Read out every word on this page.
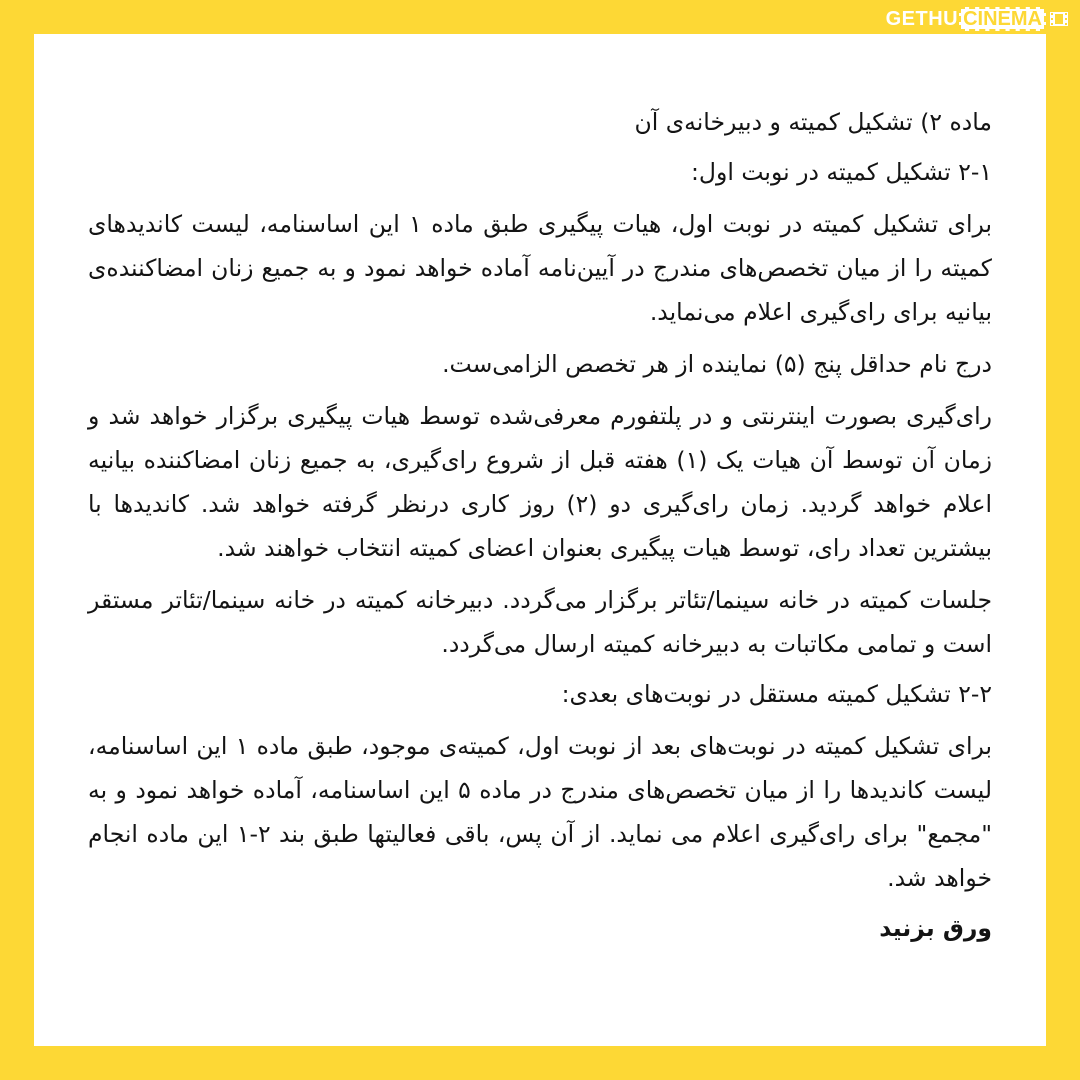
GETHU CINEMA
ماده ۲) تشکیل کمیته و دبیرخانه‌ی آن
۲-۱ تشکیل کمیته در نوبت اول:
برای تشکیل کمیته در نوبت اول، هیات پیگیری طبق ماده ۱ این اساسنامه، لیست کاندیدهای کمیته را از میان تخصص‌های مندرج در آیین‌نامه آماده خواهد نمود و به جمیع زنان امضاکننده‌ی بیانیه برای رای‌گیری اعلام می‌نماید.
درج نام حداقل پنج (۵) نماینده از هر تخصص الزامی‌ست.
رای‌گیری بصورت اینترنتی و در پلتفورم معرفی‌شده توسط هیات پیگیری برگزار خواهد شد و زمان آن توسط آن هیات یک (۱) هفته قبل از شروع رای‌گیری، به جمیع زنان امضاکننده بیانیه اعلام خواهد گردید. زمان رای‌گیری دو (۲) روز کاری درنظر گرفته خواهد شد. کاندیدها با بیشترین تعداد رای، توسط هیات پیگیری بعنوان اعضای کمیته انتخاب خواهند شد.
جلسات کمیته در خانه سینما/تئاتر برگزار می‌گردد. دبیرخانه کمیته در خانه سینما/تئاتر مستقر است و تمامی مکاتبات به دبیرخانه کمیته ارسال می‌گردد.
۲-۲ تشکیل کمیته مستقل در نوبت‌های بعدی:
برای تشکیل کمیته در نوبت‌های بعد از نوبت اول، کمیته‌ی موجود، طبق ماده ۱ این اساسنامه، لیست کاندیدها را از میان تخصص‌های مندرج در ماده ۵ این اساسنامه، آماده خواهد نمود و به "مجمع" برای رای‌گیری اعلام می نماید. از آن پس، باقی فعالیتها طبق بند ۲-۱ این ماده انجام خواهد شد.
ورق بزنید
